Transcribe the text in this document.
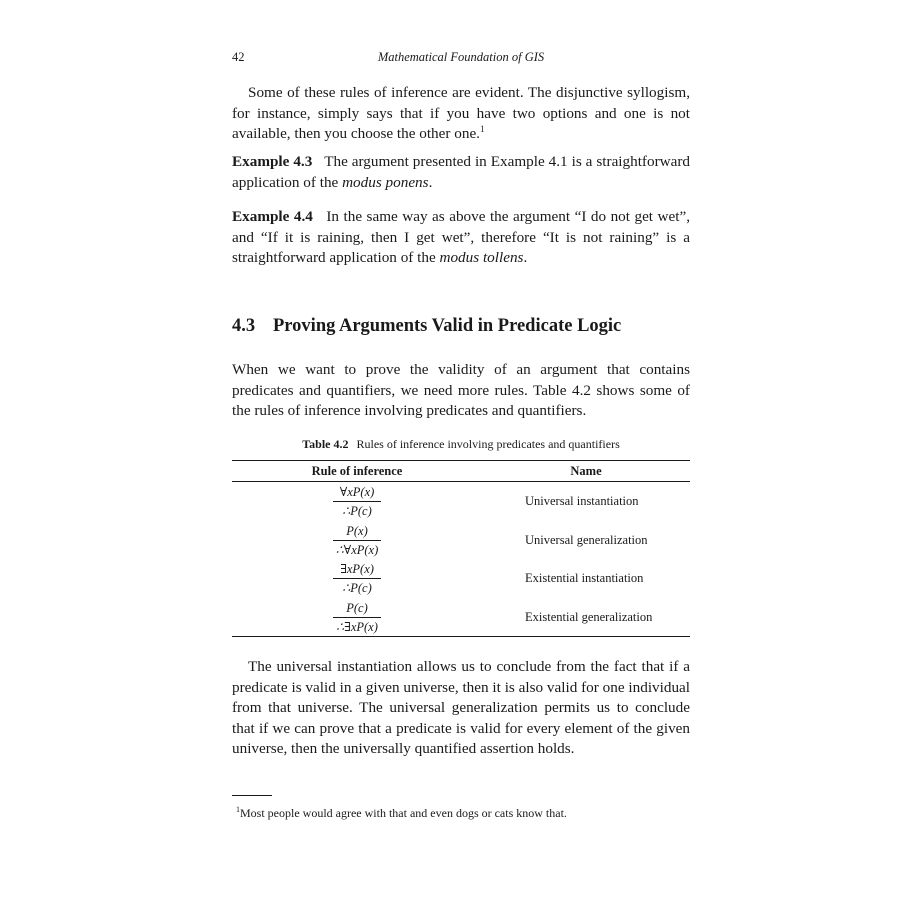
42	Mathematical Foundation of GIS

Some of these rules of inference are evident. The disjunctive syllogism, for instance, simply says that if you have two options and one is not available, then you choose the other one.$^1$

Example 4.3 The argument presented in Example 4.1 is a straightforward application of the modus ponens.

Example 4.4 In the same way as above the argument “I do not get wet”, and “If it is raining, then I get wet”, therefore “It is not raining” is a straightforward application of the modus tollens.

4.3 Proving Arguments Valid in Predicate Logic

When we want to prove the validity of an argument that contains predicates and quantifiers, we need more rules. Table 4.2 shows some of the rules of inference involving predicates and quantifiers.

Table 4.2 Rules of inference involving predicates and quantifiers
Rule of inference	Name
∀xP(x)
∴P(c)
Universal instantiation
P(x)
∴∀xP(x)
Universal generalization
∃xP(x)
∴P(c)
Existential instantiation
P(c)
∴∃xP(x)
Existential generalization

The universal instantiation allows us to conclude from the fact that if a predicate is valid in a given universe, then it is also valid for one individual from that universe. The universal generalization permits us to conclude that if we can prove that a predicate is valid for every element of the given universe, then the universally quantified assertion holds.

$^1$Most people would agree with that and even dogs or cats know that.
